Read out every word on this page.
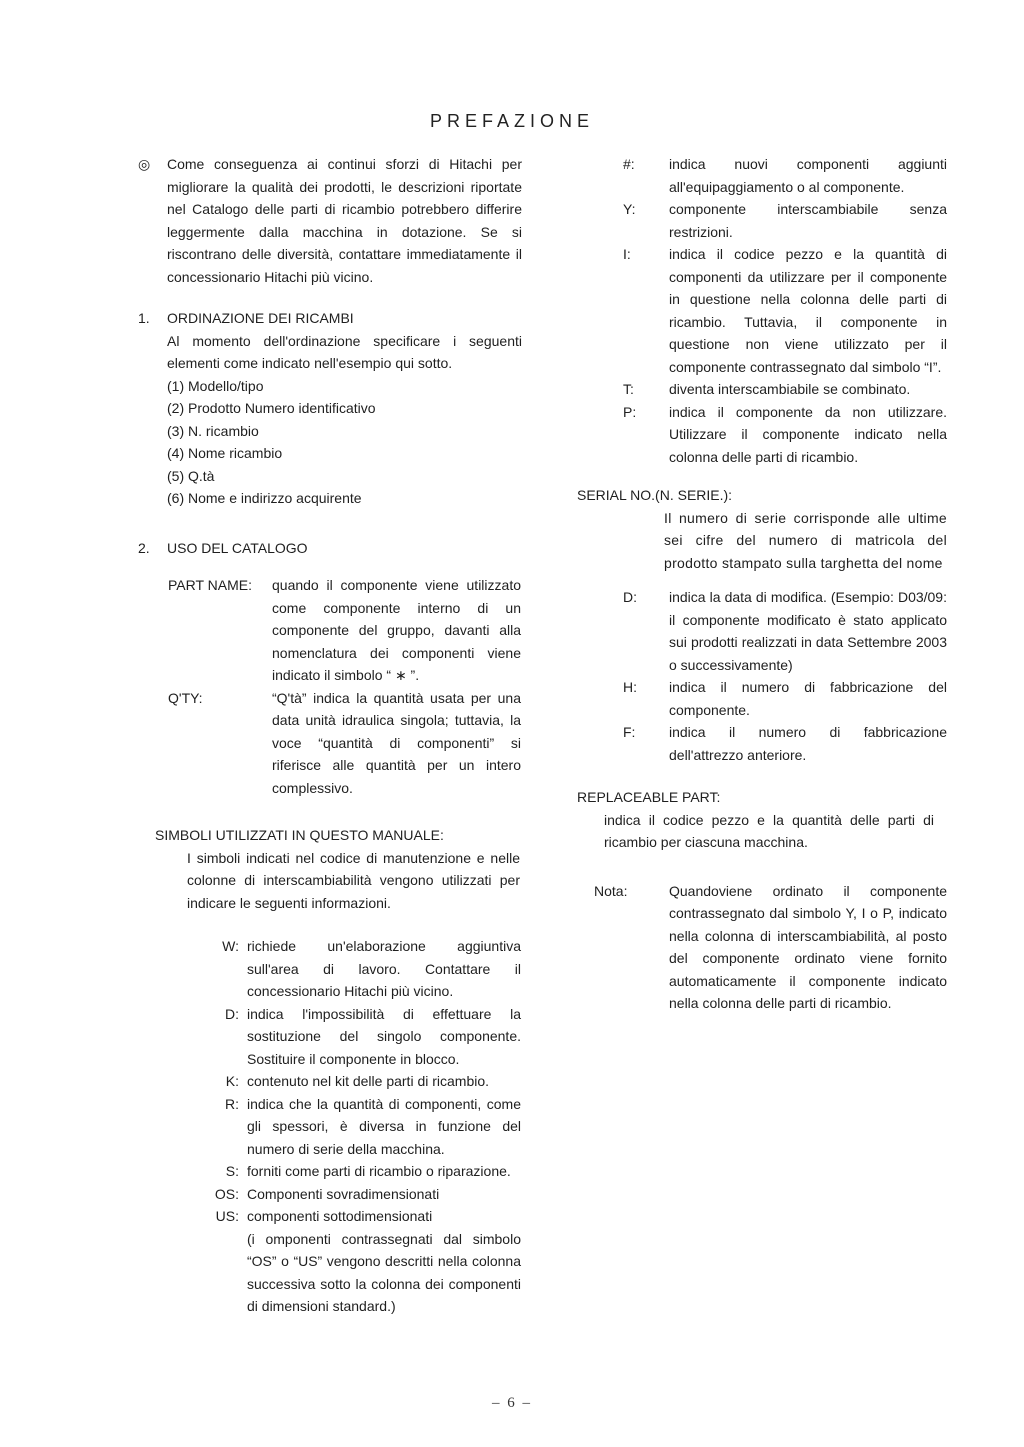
PREFAZIONE
◎	Come conseguenza ai continui sforzi di Hitachi per migliorare la qualità dei prodotti, le descrizioni riportate nel Catalogo delle parti di ricambio potrebbero differire leggermente dalla macchina in dotazione. Se si riscontrano delle diversità, contattare immediatamente il concessionario Hitachi più vicino.

1.	ORDINAZIONE DEI RICAMBI

Al momento dell'ordinazione specificare i seguenti elementi come indicato nell'esempio qui sotto.

(1) Modello/tipo
(2) Prodotto Numero identificativo
(3) N. ricambio
(4) Nome ricambio
(5) Q.tà
(6) Nome e indirizzo acquirente
2.	USO DEL CATALOGO
PART NAME:	quando il componente viene utilizzato come componente interno di un componente del gruppo, davanti alla nomenclatura dei componenti viene indicato il simbolo “ ∗ ”.

Q'TY:	“Q'tà” indica la quantità usata per una data unità idraulica singola; tuttavia, la voce “quantità di componenti” si riferisce alle quantità per un intero complessivo.

SIMBOLI UTILIZZATI IN QUESTO MANUALE:

I simboli indicati nel codice di manutenzione e nelle colonne di interscambiabilità vengono utilizzati per indicare le seguenti informazioni.

W: richiede un'elaborazione aggiuntiva sull'area di lavoro. Contattare il concessionario Hitachi più vicino.

D: indica l'impossibilità di effettuare la sostituzione del singolo componente. Sostituire il componente in blocco.

K: contenuto nel kit delle parti di ricambio.

R: indica che la quantità di componenti, come gli spessori, è diversa in funzione del numero di serie della macchina.

S: forniti come parti di ricambio o riparazione.

OS: Componenti sovradimensionati

US: componenti sottodimensionati

(i omponenti contrassegnati dal simbolo “OS” o “US” vengono descritti nella colonna successiva sotto la colonna dei componenti di dimensioni standard.)

#:	indica nuovi componenti aggiunti all'equipaggiamento o al componente.

Y:	componente interscambiabile senza restrizioni.

I:	indica il codice pezzo e la quantità di componenti da utilizzare per il componente in questione nella colonna delle parti di ricambio. Tuttavia, il componente in questione non viene utilizzato per il componente contrassegnato dal simbolo “I”.

T:	diventa interscambiabile se combinato.

P:	indica il componente da non utilizzare. Utilizzare il componente indicato nella colonna delle parti di ricambio.

SERIAL NO.(N. SERIE.):

Il numero di serie corrisponde alle ultime sei cifre del numero di matricola del prodotto stampato sulla targhetta del nome

D:	indica la data di modifica. (Esempio: D03/09: il componente modificato è stato applicato sui prodotti realizzati in data Settembre 2003 o successivamente)

H:	indica il numero di fabbricazione del componente.

F:	indica il numero di fabbricazione dell'attrezzo anteriore.

REPLACEABLE PART:

indica il codice pezzo e la quantità delle parti di ricambio per ciascuna macchina.

Nota:	Quandoviene ordinato il componente contrassegnato dal simbolo Y, I o P, indicato nella colonna di interscambiabilità, al posto del componente ordinato viene fornito automaticamente il componente indicato nella colonna delle parti di ricambio.

– 6 –
